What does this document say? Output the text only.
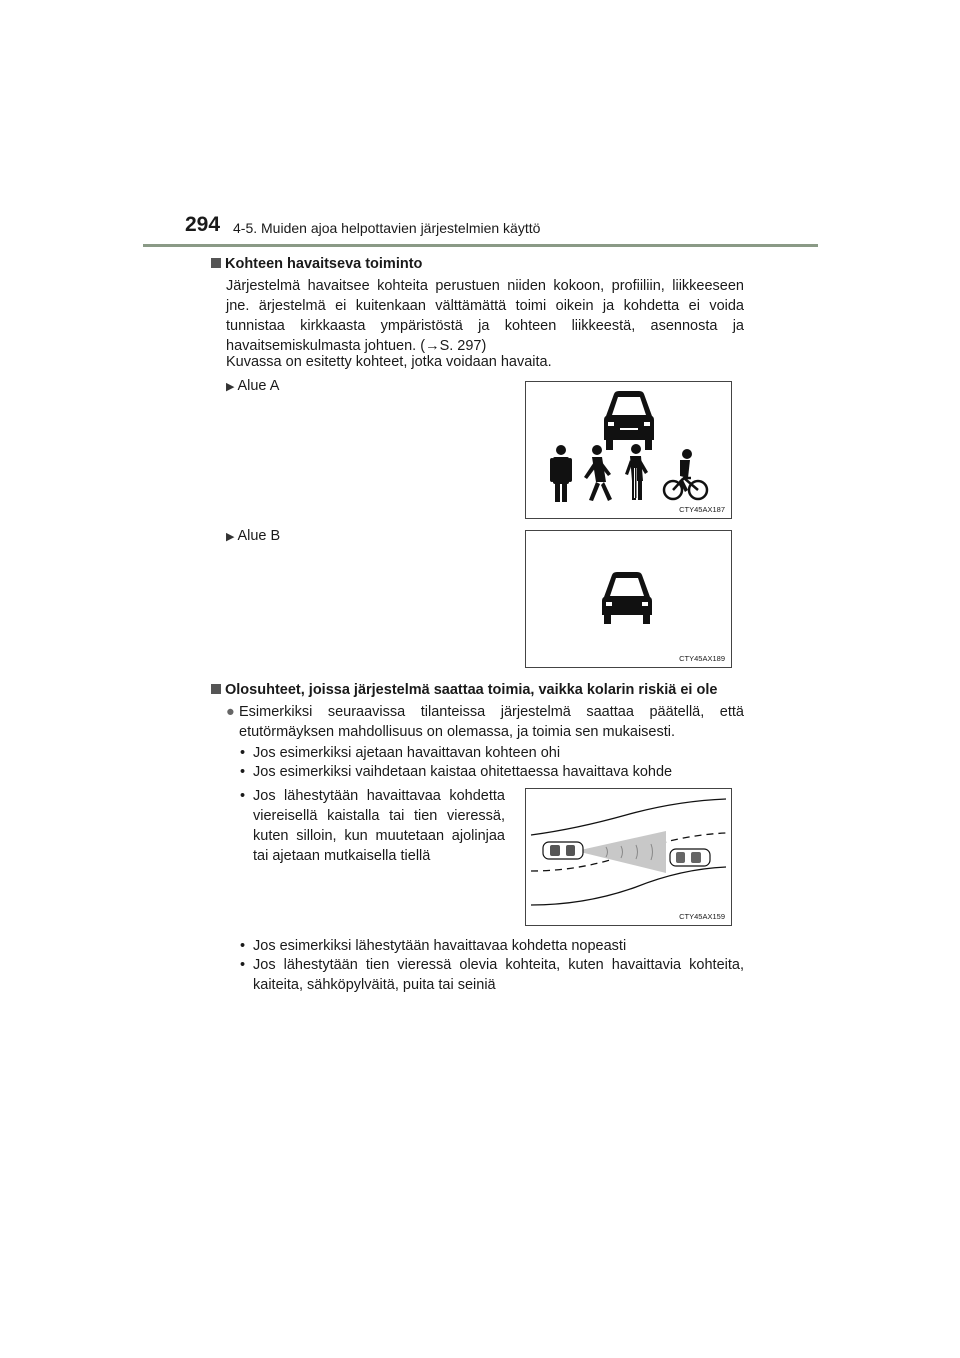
294 4-5. Muiden ajoa helpottavien järjestelmien käyttö
Kohteen havaitseva toiminto
Järjestelmä havaitsee kohteita perustuen niiden kokoon, profiiliin, liikkeeseen jne. ärjestelmä ei kuitenkaan välttämättä toimi oikein ja kohdetta ei voida tunnistaa kirkkaasta ympäristöstä ja kohteen liikkeestä, asennosta ja havaitsemiskulmasta johtuen. (→S. 297)
Kuvassa on esitetty kohteet, jotka voidaan havaita.
▶ Alue A
CTY45AX187
▶ Alue B
CTY45AX189
Olosuhteet, joissa järjestelmä saattaa toimia, vaikka kolarin riskiä ei ole
● Esimerkiksi seuraavissa tilanteissa järjestelmä saattaa päätellä, että etutörmäyksen mahdollisuus on olemassa, ja toimia sen mukaisesti.
• Jos esimerkiksi ajetaan havaittavan kohteen ohi
• Jos esimerkiksi vaihdetaan kaistaa ohitettaessa havaittava kohde
• Jos lähestytään havaittavaa kohdetta viereisellä kaistalla tai tien vieressä, kuten silloin, kun muutetaan ajolinjaa tai ajetaan mutkaisella tiellä
CTY45AX159
• Jos esimerkiksi lähestytään havaittavaa kohdetta nopeasti
• Jos lähestytään tien vieressä olevia kohteita, kuten havaittavia kohteita, kaiteita, sähköpylväitä, puita tai seiniä
